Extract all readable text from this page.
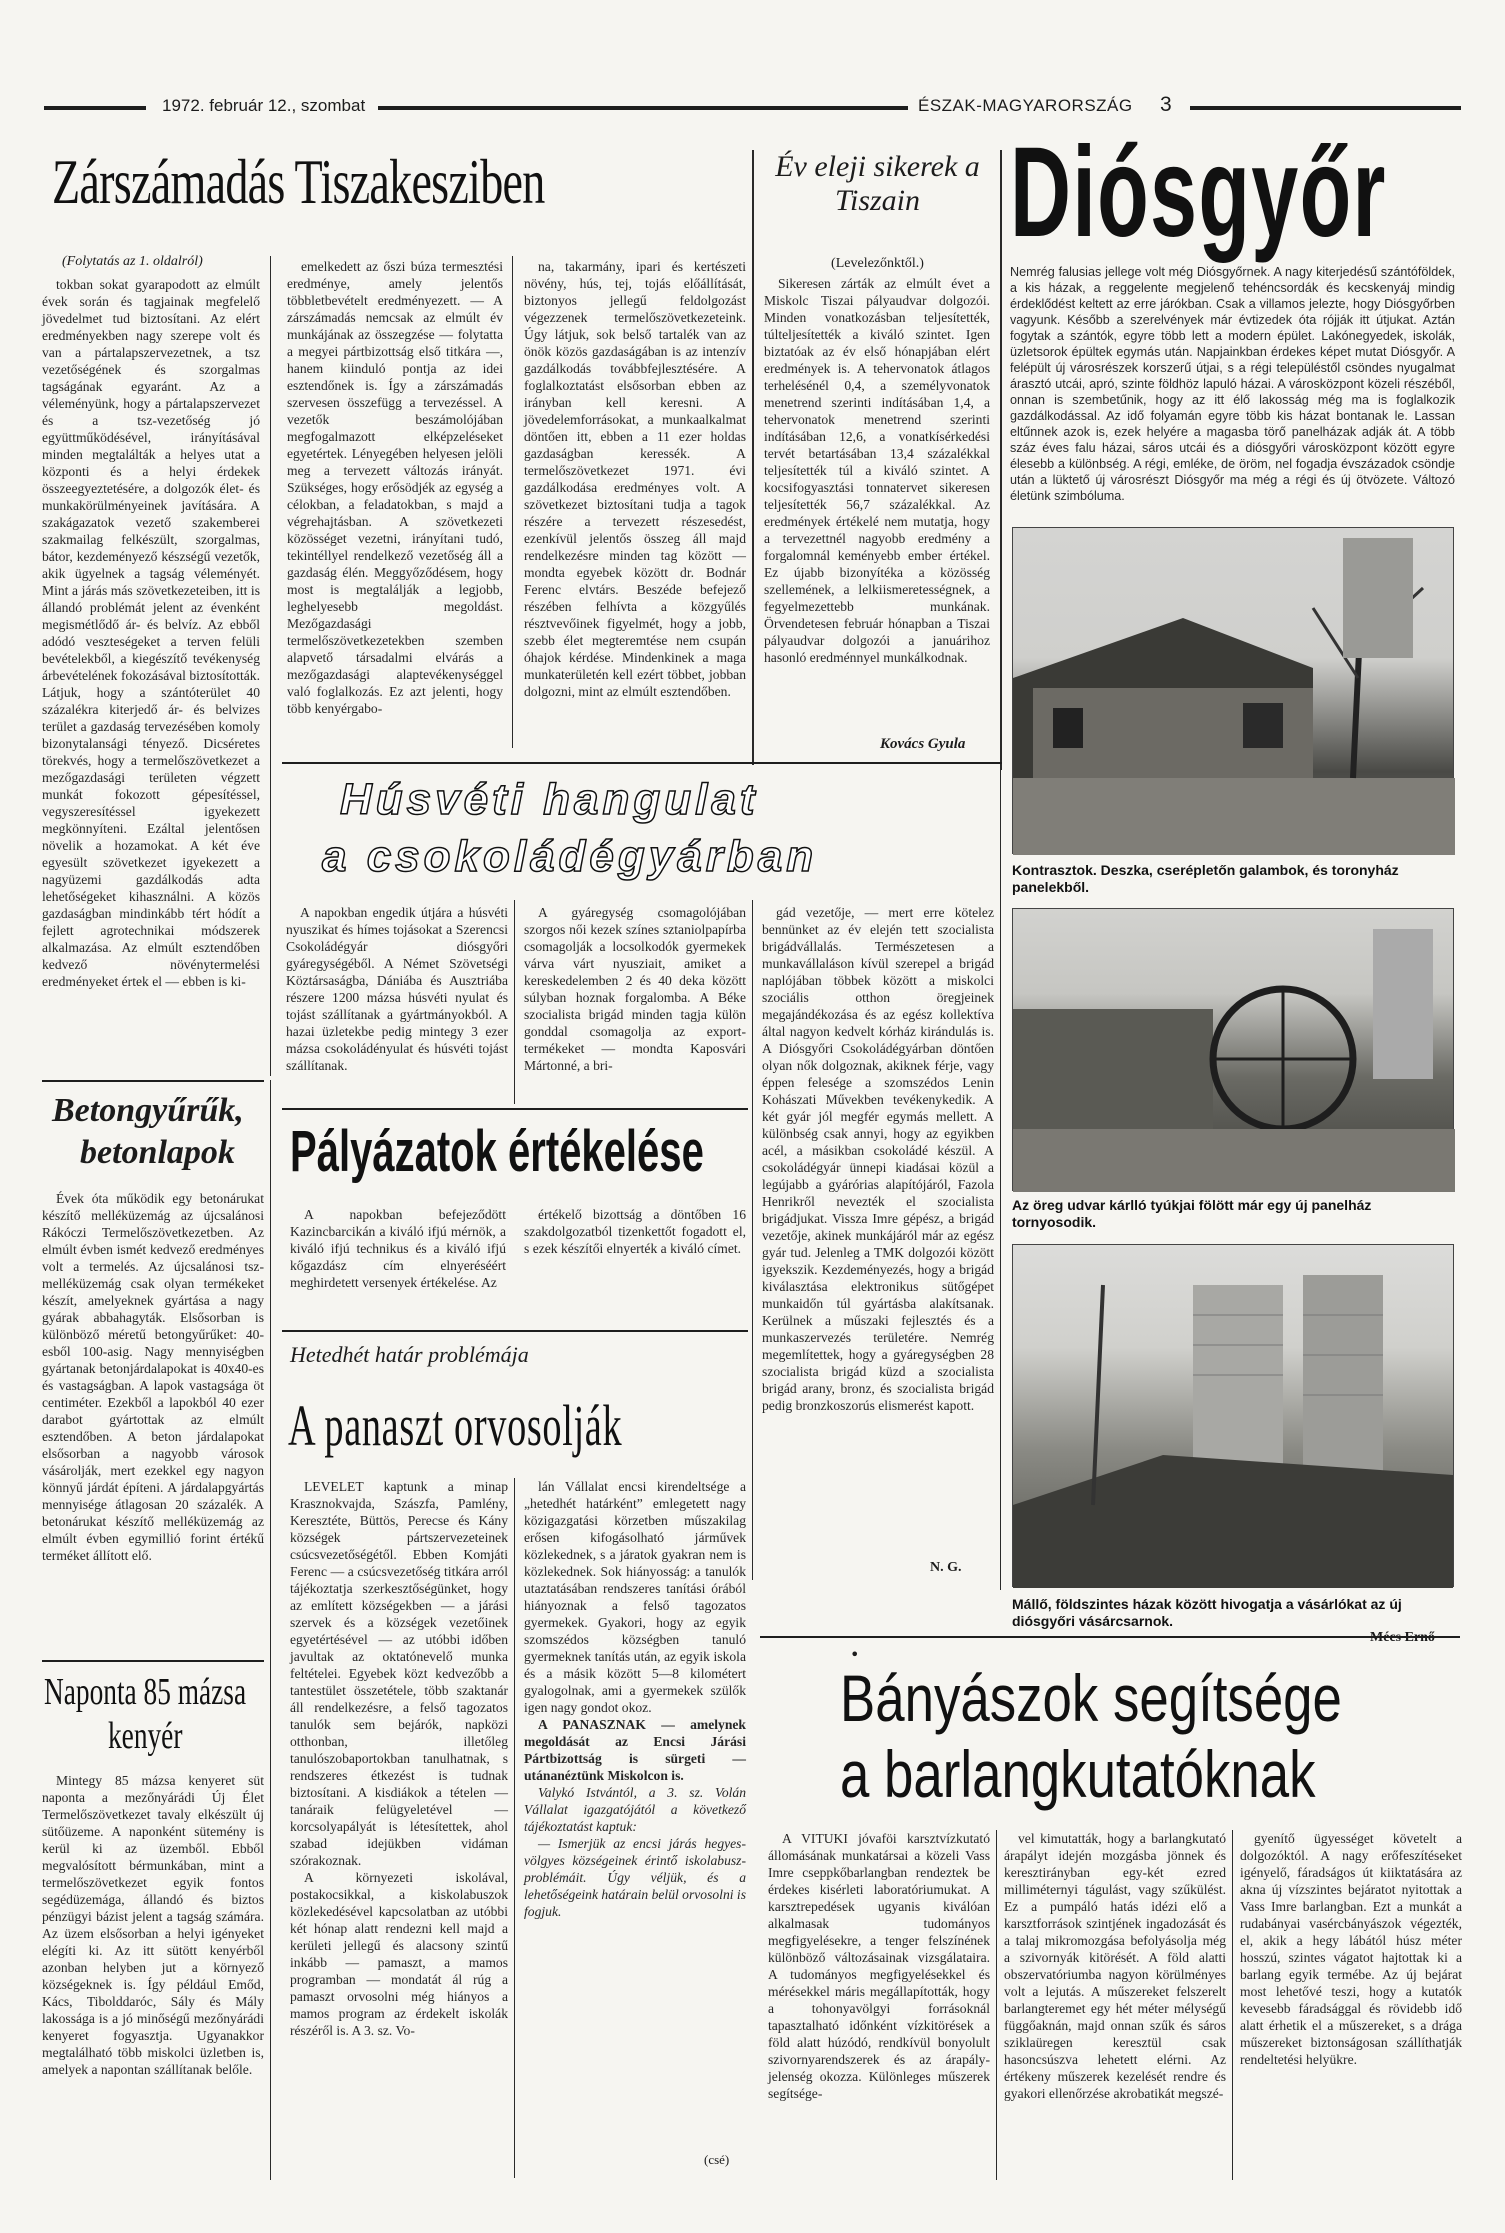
1972. február 12., szombat	ÉSZAK-MAGYARORSZÁG 3
Zárszámadás Tiszakesziben
(Folytatás az 1. oldalról)

tokban sokat gyarapodott az elmúlt évek során és tagjainak megfelelő jövedelmet tud biztosítani. Az elért eredményekben nagy szerepe volt és van a pártalapszervezetnek, a tsz vezetőségének és szorgalmas tagságának egyaránt. Az a véleményünk, hogy a pártalapszervezet és a tsz-vezetőség jó együttműködésével, irányításával minden megtalálták a helyes utat a központi és a helyi érdekek összeegyeztetésére, a dolgozók élet- és munkakörülményeinek javítására. A szakágazatok vezető szakemberei szakmailag felkészült, szorgalmas, bátor, kezdeményező készségű vezetők, akik ügyelnek a tagság véleményét. Mint a járás más szövetkezeteiben, itt is állandó problémát jelent az évenként megismétlődő ár- és belvíz. Az ebből adódó veszteségeket a terven felüli bevételekből, a kiegészítő tevékenység árbevételének fokozásával biztosították. Látjuk, hogy a szántóterület 40 százalékra kiterjedő ár- és belvizes terület a gazdaság tervezésében komoly bizonytalansági tényező. Dicséretes törekvés, hogy a termelőszövetkezet a mezőgazdasági területen végzett munkát fokozott gépesítéssel, vegyszeresítéssel igyekezett megkönnyíteni. Ezáltal jelentősen növelik a hozamokat. A két éve egyesült szövetkezet igyekezett a nagyüzemi gazdálkodás adta lehetőségeket kihasználni. A közös gazdaságban mindinkább tért hódít a fejlett agrotechnikai módszerek alkalmazása. Az elmúlt esztendőben kedvező növénytermelési eredményeket értek el — ebben is ki-

emelkedett az őszi búza termesztési eredménye, amely jelentős többletbevételt eredményezett. — A zárszámadás nemcsak az elmúlt év munkájának az összegzése — folytatta a megyei pártbizottság első titkára —, hanem kiinduló pontja az idei esztendőnek is. Így a zárszámadás szervesen összefügg a tervezéssel. A vezetők beszámolójában megfogalmazott elképzeléseket egyetértek. Lényegében helyesen jelöli meg a tervezett változás irányát. Szükséges, hogy erősödjék az egység a célokban, a feladatokban, s majd a végrehajtásban. A szövetkezeti közösséget vezetni, irányítani tudó, tekintéllyel rendelkező vezetőség áll a gazdaság élén. Meggyőződésem, hogy most is megtalálják a legjobb, leghelyesebb megoldást. Mezőgazdasági termelőszövetkezetekben szemben alapvető társadalmi elvárás a mezőgazdasági alaptevékenységgel való foglalkozás. Ez azt jelenti, hogy több kenyérgabo-

na, takarmány, ipari és kertészeti növény, hús, tej, tojás előállítását, biztonyos jellegű feldolgozást végezzenek termelőszövetkezeteink. Úgy látjuk, sok belső tartalék van az önök közös gazdaságában is az intenzív gazdálkodás továbbfejlesztésére. A foglalkoztatást elsősorban ebben az irányban kell keresni. A jövedelemforrásokat, a munkaalkalmat döntően itt, ebben a 11 ezer holdas gazdaságban keressék. A termelőszövetkezet 1971. évi gazdálkodása eredményes volt. A szövetkezet biztosítani tudja a tagok részére a tervezett részesedést, ezenkívül jelentős összeg áll majd rendelkezésre minden tag között — mondta egyebek között dr. Bodnár Ferenc elvtárs. Beszéde befejező részében felhívta a közgyűlés résztvevőinek figyelmét, hogy a jobb, szebb élet megteremtése nem csupán óhajok kérdése. Mindenkinek a maga munkaterületén kell ezért többet, jobban dolgozni, mint az elmúlt esztendőben.

Év eleji sikerek a Tiszain
(Levelezőnktől.)

Sikeresen zárták az elmúlt évet a Miskolc Tiszai pályaudvar dolgozói. Minden vonatkozásban teljesítették, túlteljesítették a kiváló szintet. Igen biztatóak az év első hónapjában elért eredmények is. A tehervonatok átlagos terhelésénél 0,4, a személyvonatok menetrend szerinti indításában 1,4, a tehervonatok menetrend szerinti indításában 12,6, a vonatkísérkedési tervét betartásában 13,4 százalékkal teljesítették túl a kiváló szintet. A kocsifogyasztási tonnatervet sikeresen teljesítették 56,7 százalékkal. Az eredmények értékelé nem mutatja, hogy a tervezettnél nagyobb eredmény a forgalomnál keményebb ember értékel. Ez újabb bizonyítéka a közösség szellemének, a lelkiismeretességnek, a fegyelmezettebb munkának. Örvendetesen február hónapban a Tiszai pályaudvar dolgozói a januárihoz hasonló eredménnyel munkálkodnak.

Kovács Gyula
Diósgyőr
Nemrég falusias jellege volt még Diósgyőrnek. A nagy kiterjedésű szántóföldek, a kis házak, a reggelente megjelenő tehéncsordák és kecskenyáj mindig érdeklődést keltett az erre járókban. Csak a villamos jelezte, hogy Diósgyőrben vagyunk. Később a szerelvények már évtizedek óta rójják itt útjukat. Aztán fogytak a szántók, egyre több lett a modern épület. Lakónegyedek, iskolák, üzletsorok épültek egymás után. Napjainkban érdekes képet mutat Diósgyőr. A felépült új városrészek korszerű útjai, s a régi településtől csöndes nyugalmat árasztó utcái, apró, szinte földhöz lapuló házai. A városközpont közeli részéből, onnan is szembetűnik, hogy az itt élő lakosság még ma is foglalkozik gazdálkodással. Az idő folyamán egyre több kis házat bontanak le. Lassan eltűnnek azok is, ezek helyére a magasba törő panelházak adják át. A több száz éves falu házai, sáros utcái és a diósgyőri városközpont között egyre élesebb a különbség. A régi, emléke, de öröm, nel fogadja évszázadok csöndje után a lüktető új városrészt Diósgyőr ma még a régi és új ötvözete. Változó életünk szimbóluma.
Kontrasztok. Deszka, cserépletőn galambok, és toronyház panelekből.
Az öreg udvar kárlló tyúkjai fölött már egy új panelház tornyosodik.
Mállő, földszintes házak között hivogatja a vásárlókat az új diósgyőri vásárcsarnok.
Húsvéti hangulat
a csokoládégyárban

A napokban engedik útjára a húsvéti nyuszikat és hímes tojásokat a Szerencsi Csokoládégyár diósgyőri gyáregységéből. A Német Szövetségi Köztársaságba, Dániába és Ausztriába részere 1200 mázsa húsvéti nyulat és tojást szállítanak a gyártmányokból. A hazai üzletekbe pedig mintegy 3 ezer mázsa csokoládényulat és húsvéti tojást szállítanak.

A gyáregység csomagolójában szorgos női kezek színes sztaniolpapírba csomagolják a locsolkodók gyermekek várva várt nyusziait, amiket a kereskedelemben 2 és 40 deka között súlyban hoznak forgalomba. A Béke szocialista brigád minden tagja külön gonddal csomagolja az export-termékeket — mondta Kaposvári Mártonné, a bri-

gád vezetője, — mert erre kötelez bennünket az év elején tett szocialista brigádvállalás. Természetesen a munkavállaláson kívül szerepel a brigád naplójában többek között a miskolci szociális otthon öregjeinek megajándékozása és az egész kollektíva által nagyon kedvelt kórház kirándulás is. A Diósgyőri Csokoládégyárban döntően olyan nők dolgoznak, akiknek férje, vagy éppen felesége a szomszédos Lenin Kohászati Művekben tevékenykedik. A két gyár jól megfér egymás mellett. A különbség csak annyi, hogy az egyikben acél, a másikban csokoládé készül. A csokoládégyár ünnepi kiadásai közül a legújabb a gyárórias alapítójáról, Fazola Henrikről nevezték el szocialista brigádjukat. Vissza Imre gépész, a brigád vezetője, akinek munkájáról már az egész gyár tud. Jelenleg a TMK dolgozói között igyekszik. Kezdeményezés, hogy a brigád kiválasztása elektronikus sütőgépet munkaidőn túl gyártásba alakítsanak. Kerülnek a műszaki fejlesztés és a munkaszervezés területére. Nemrég megemlítettek, hogy a gyáregységben 28 szocialista brigád küzd a szocialista brigád arany, bronz, és szocialista brigád pedig bronzkoszorús elismerést kapott.

N. G.
Betongyűrűk,
betonlapok

Évek óta működik egy betonárukat készítő melléküzemág az újcsalánosi Rákóczi Termelőszövetkezetben. Az elmúlt évben ismét kedvező eredményes volt a termelés. Az újcsalánosi tsz-melléküzemág csak olyan termékeket készít, amelyeknek gyártása a nagy gyárak abbahagyták. Elsősorban is különböző méretű betongyűrűket: 40-esből 100-asig. Nagy mennyiségben gyártanak betonjárdalapokat is 40x40-es és vastagságban. A lapok vastagsága öt centiméter. Ezekből a lapokból 40 ezer darabot gyártottak az elmúlt esztendőben. A beton járdalapokat elsősorban a nagyobb városok vásárolják, mert ezekkel egy nagyon könnyű járdát építeni. A járdalapgyártás mennyisége átlagosan 20 százalék. A betonárukat készítő melléküzemág az elmúlt évben egymillió forint értékű terméket állított elő.

Naponta 85 mázsa
kenyér

Mintegy 85 mázsa kenyeret süt naponta a mezőnyárádi Új Élet Termelőszövetkezet tavaly elkészült új sütőüzeme. A naponként sütemény is kerül ki az üzemből. Ebből megvalósított bérmunkában, mint a termelőszövetkezet egyik fontos segédüzemága, állandó és biztos pénzügyi bázist jelent a tagság számára. Az üzem elsősorban a helyi igényeket elégíti ki. Az itt sütött kenyérből azonban helyben jut a környező községeknek is. Így például Emőd, Kács, Tibolddaróc, Sály és Mály lakossága is a jó minőségű mezőnyárádi kenyeret fogyasztja. Ugyanakkor megtalálható több miskolci üzletben is, amelyek a napontan szállítanak belőle.

Pályázatok értékelése

A napokban befejeződött Kazincbarcikán a kiváló ifjú mérnök, a kiváló ifjú technikus és a kiváló ifjú kőgazdász cím elnyeréséért meghirdetett versenyek értékelése. Az

értékelő bizottság a döntőben 16 szakdolgozatból tizenkettőt fogadott el, s ezek készítői elnyerték a kiváló címet.

Hetedhét határ problémája
A panaszt orvosolják

LEVELET kaptunk a minap Krasznokvajda, Szászfa, Pamlény, Keresztéte, Büttös, Perecse és Kány községek pártszervezeteinek csúcsvezetőségétől. Ebben Komjáti Ferenc — a csúcsvezetőség titkára arról tájékoztatja szerkesztőségünket, hogy az említett községekben — a járási szervek és a községek vezetőinek egyetértésével — az utóbbi időben javultak az oktatónevelő munka feltételei. Egyebek közt kedvezőbb a tantestület összetétele, több szaktanár áll rendelkezésre, a felső tagozatos tanulók sem bejárók, napközi otthonban, illetőleg tanulószobaportokban tanulhatnak, s rendszeres étkezést is tudnak biztosítani. A kisdiákok a tételen — tanáraik felügyeletével — korcsolyapályát is létesítettek, ahol szabad idejükben vidáman szórakoznak.

A környezeti iskolával, postakocsikkal, a kiskolabuszok közlekedésével kapcsolatban az utóbbi két hónap alatt rendezni kell majd a kerületi jellegű és alacsony szintű inkább — pamaszt, a mamos programban — mondatát ál rúg a pamaszt orvosolni még hiányos a mamos program az érdekelt iskolák részéről is. A 3. sz. Vo-

lán Vállalat encsi kirendeltsége a „hetedhét határként” emlegetett nagy közigazgatási körzetben műszakilag erősen kifogásolható járművek közlekednek, s a járatok gyakran nem is közlekednek. Sok hiányosság: a tanulók utaztatásában rendszeres tanítási órából hiányoznak a felső tagozatos gyermekek. Gyakori, hogy az egyik szomszédos községben tanuló gyermeknek tanítás után, az egyik iskola és a másik között 5—8 kilométert gyalogolnak, ami a gyermekek szülők igen nagy gondot okoz.

A PANASZNAK — amelynek megoldását az Encsi Járási Pártbizottság is sürgeti — utánanéztünk Miskolcon is.

Valykó Istvántól, a 3. sz. Volán Vállalat igazgatójától a következő tájékoztatást kaptuk:

— Ismerjük az encsi járás hegyes-völgyes községeinek érintő iskolabusz-problémáit. Úgy véljük, és a lehetőségeink határain belül orvosolni is fogjuk.

(csé)
•
Bányászok segítsége
a barlangkutatóknak

A VITUKI jóvaföi karsztvízkutató állomásának munkatársai a közeli Vass Imre cseppkőbarlangban rendeztek be érdekes kisérleti laboratóriumukat. A karsztrepedések ugyanis kiválóan alkalmasak tudományos megfigyelésekre, a tenger felszínének különböző változásainak vizsgálataira. A tudományos megfigyelésekkel és mérésekkel máris megállapították, hogy a tohonyavölgyi forrásoknál tapasztalható időnként vízkitörések a föld alatt húzódó, rendkívül bonyolult szivornyarendszerek és az árapály-jelenség okozza. Különleges műszerek segítsége-

vel kimutatták, hogy a barlangkutató árapályt idején mozgásba jönnek és keresztirányban egy-két ezred milliméternyi tágulást, vagy szűkülést. Ez a pumpáló hatás idézi elő a karsztforrások szintjének ingadozását és a talaj mikromozgása befolyásolja még a szivornyák kitörését. A föld alatti obszervatóriumba nagyon körülményes volt a lejutás. A műszereket felszerelt barlangteremet egy hét méter mélységű függőaknán, majd onnan szűk és sáros sziklaüregen keresztül csak hasoncsúszva lehetett elérni. Az értékeny műszerek kezelését rendre és gyakori ellenőrzése akrobatikát megszé-

gyenítő ügyességet követelt a dolgozóktól. A nagy erőfeszítéseket igényelő, fáradságos út kiiktatására az akna új vízszintes bejáratot nyitottak a Vass Imre barlangban. Ezt a munkát a rudabányai vasércbányászok végezték, el, akik a hegy lábától húsz méter hosszú, szintes vágatot hajtottak ki a barlang egyik termébe. Az új bejárat most lehetővé teszi, hogy a kutatók kevesebb fáradsággal és rövidebb idő alatt érhetik el a műszereket, s a drága műszereket biztonságosan szállíthatják rendeltetési helyükre.
